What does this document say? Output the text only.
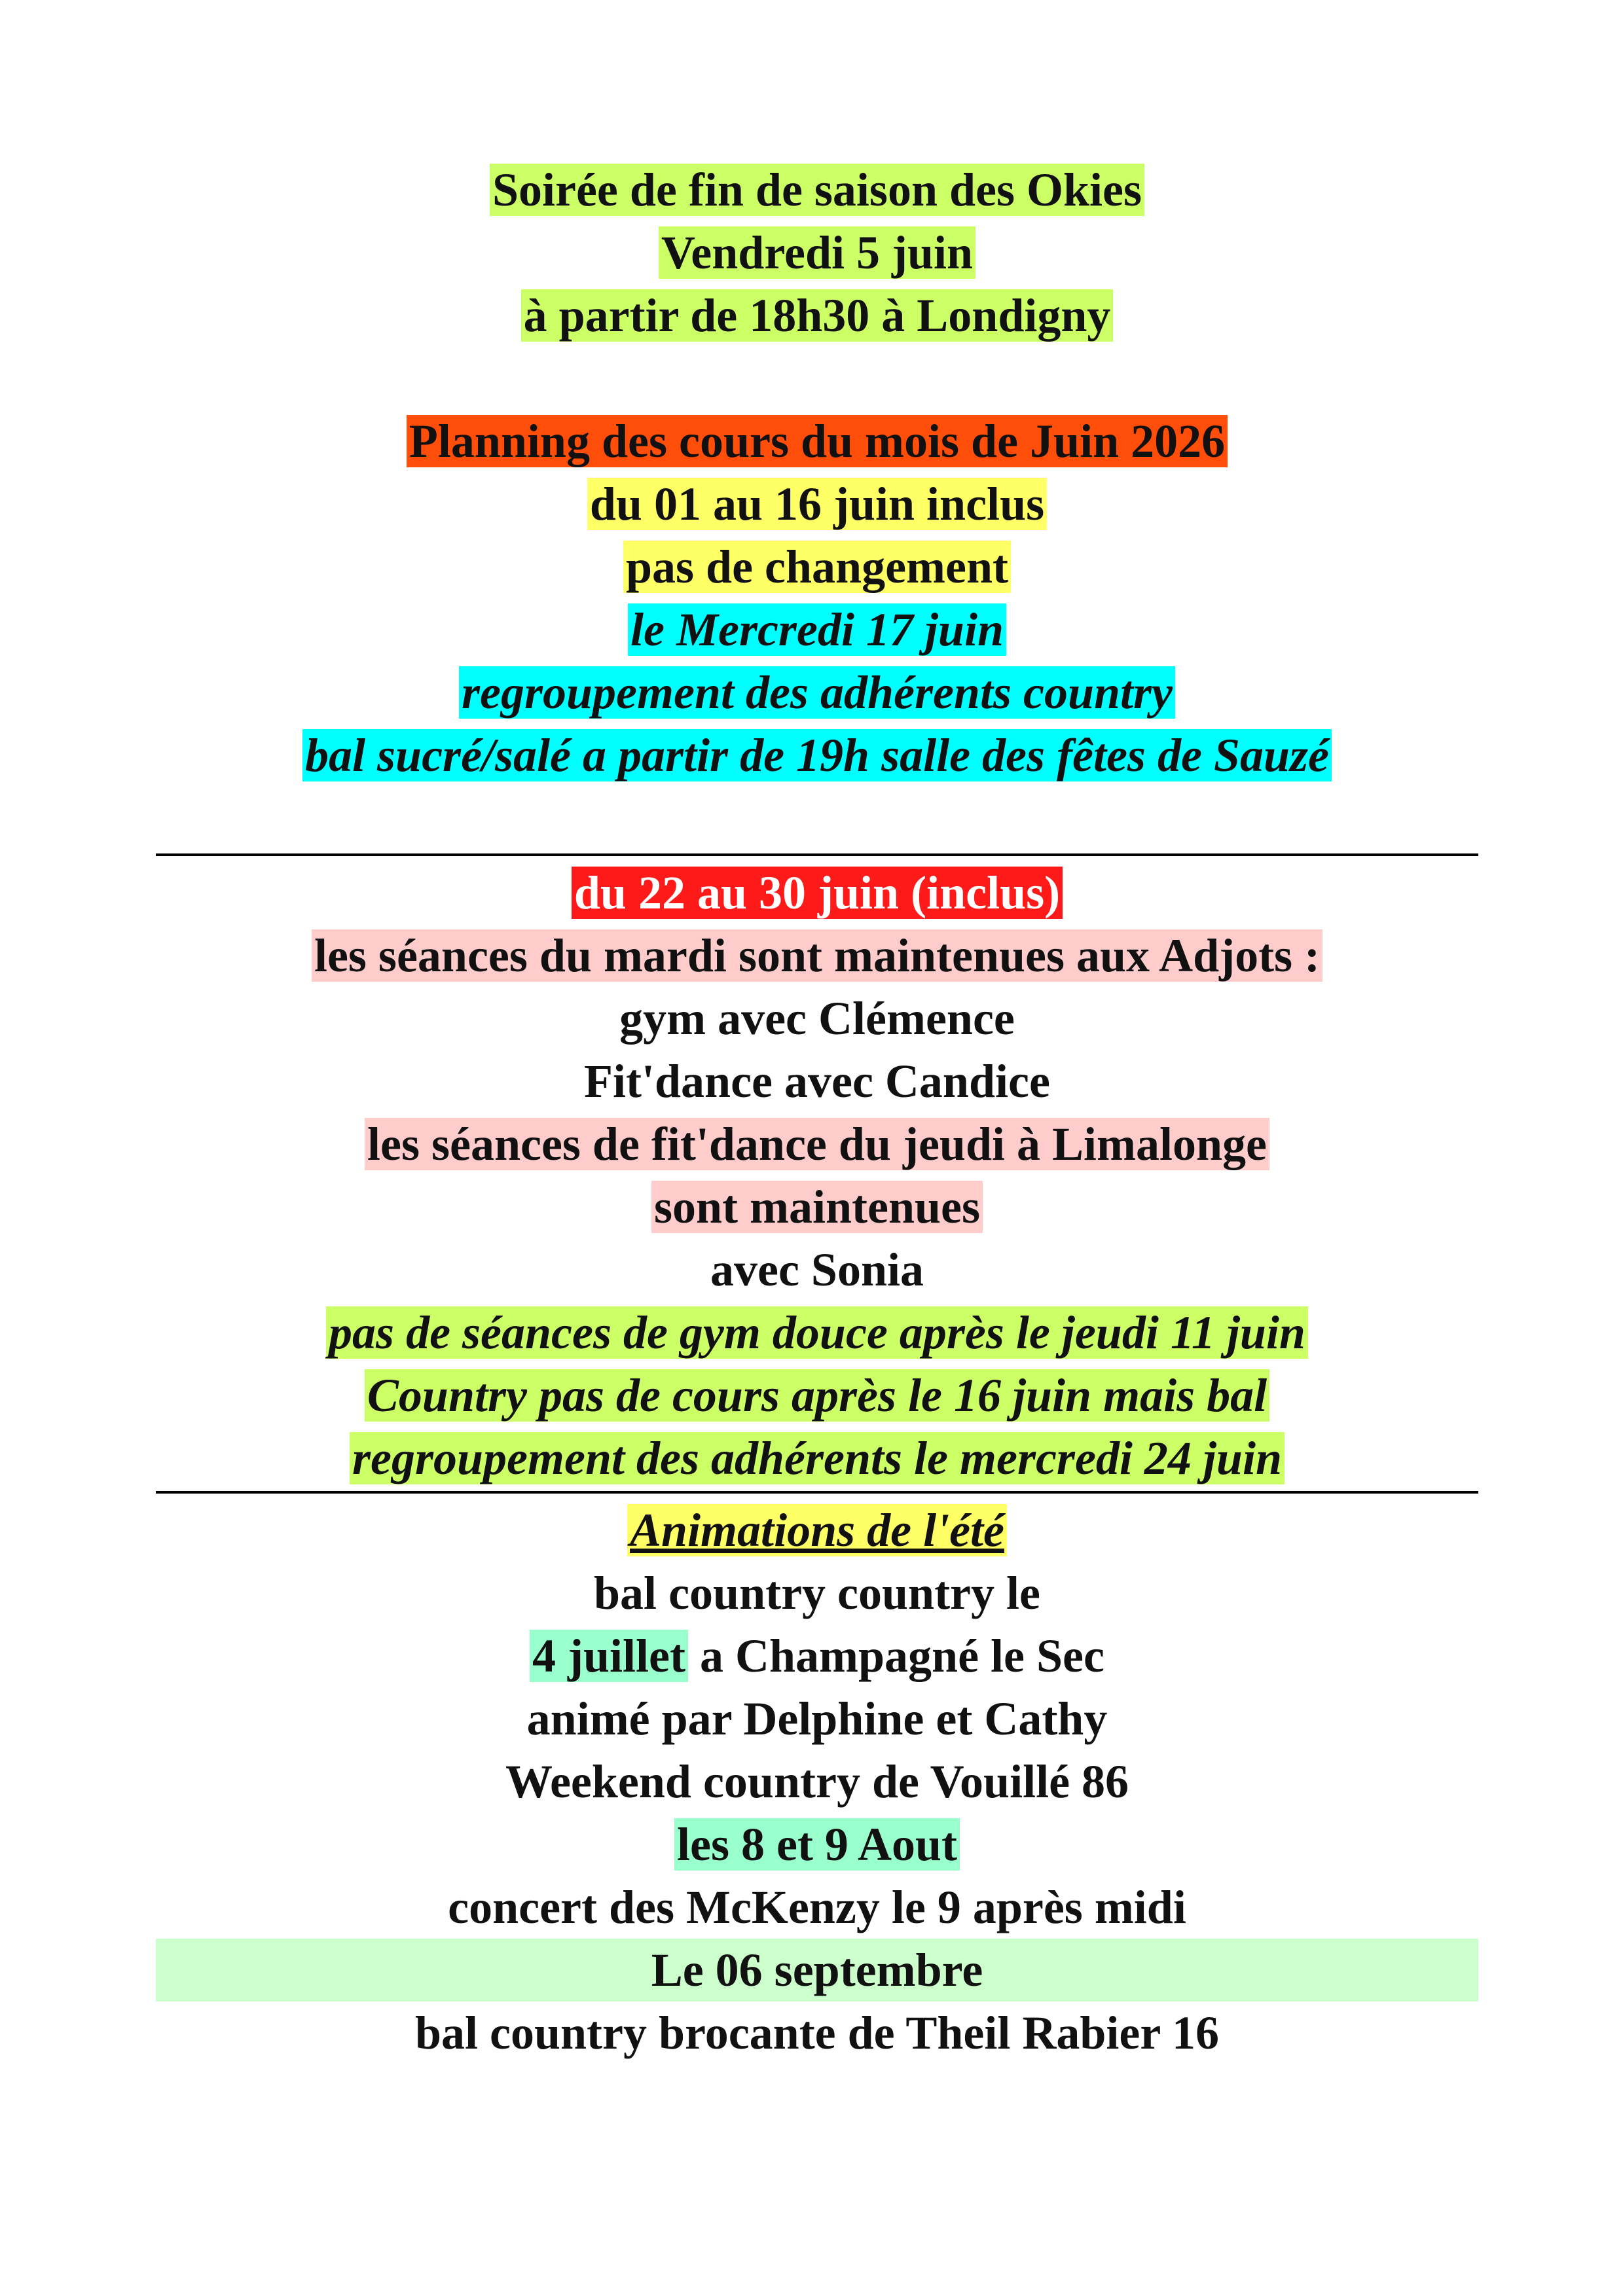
Soirée de fin de saison des Okies
Vendredi 5 juin
à partir de 18h30 à Londigny
Planning des cours du mois de Juin 2026
du 01 au 16 juin inclus
pas de changement
le Mercredi 17 juin
regroupement des adhérents country
bal sucré/salé a partir de 19h salle des fêtes de Sauzé
du 22 au 30 juin (inclus)
les séances du mardi sont maintenues aux Adjots :
gym avec Clémence
Fit'dance avec Candice
les séances de fit'dance du jeudi à Limalonge
sont maintenues
avec Sonia
pas de séances de gym douce après le jeudi 11 juin
Country pas de cours après le 16 juin mais bal
regroupement des adhérents le mercredi 24 juin
Animations de l'été
bal country country le
4 juillet a Champagné le Sec
animé par Delphine et Cathy
Weekend country de Vouillé 86
les 8 et 9 Aout
concert des McKenzy le 9 après midi
Le 06 septembre
bal country brocante de Theil Rabier 16
